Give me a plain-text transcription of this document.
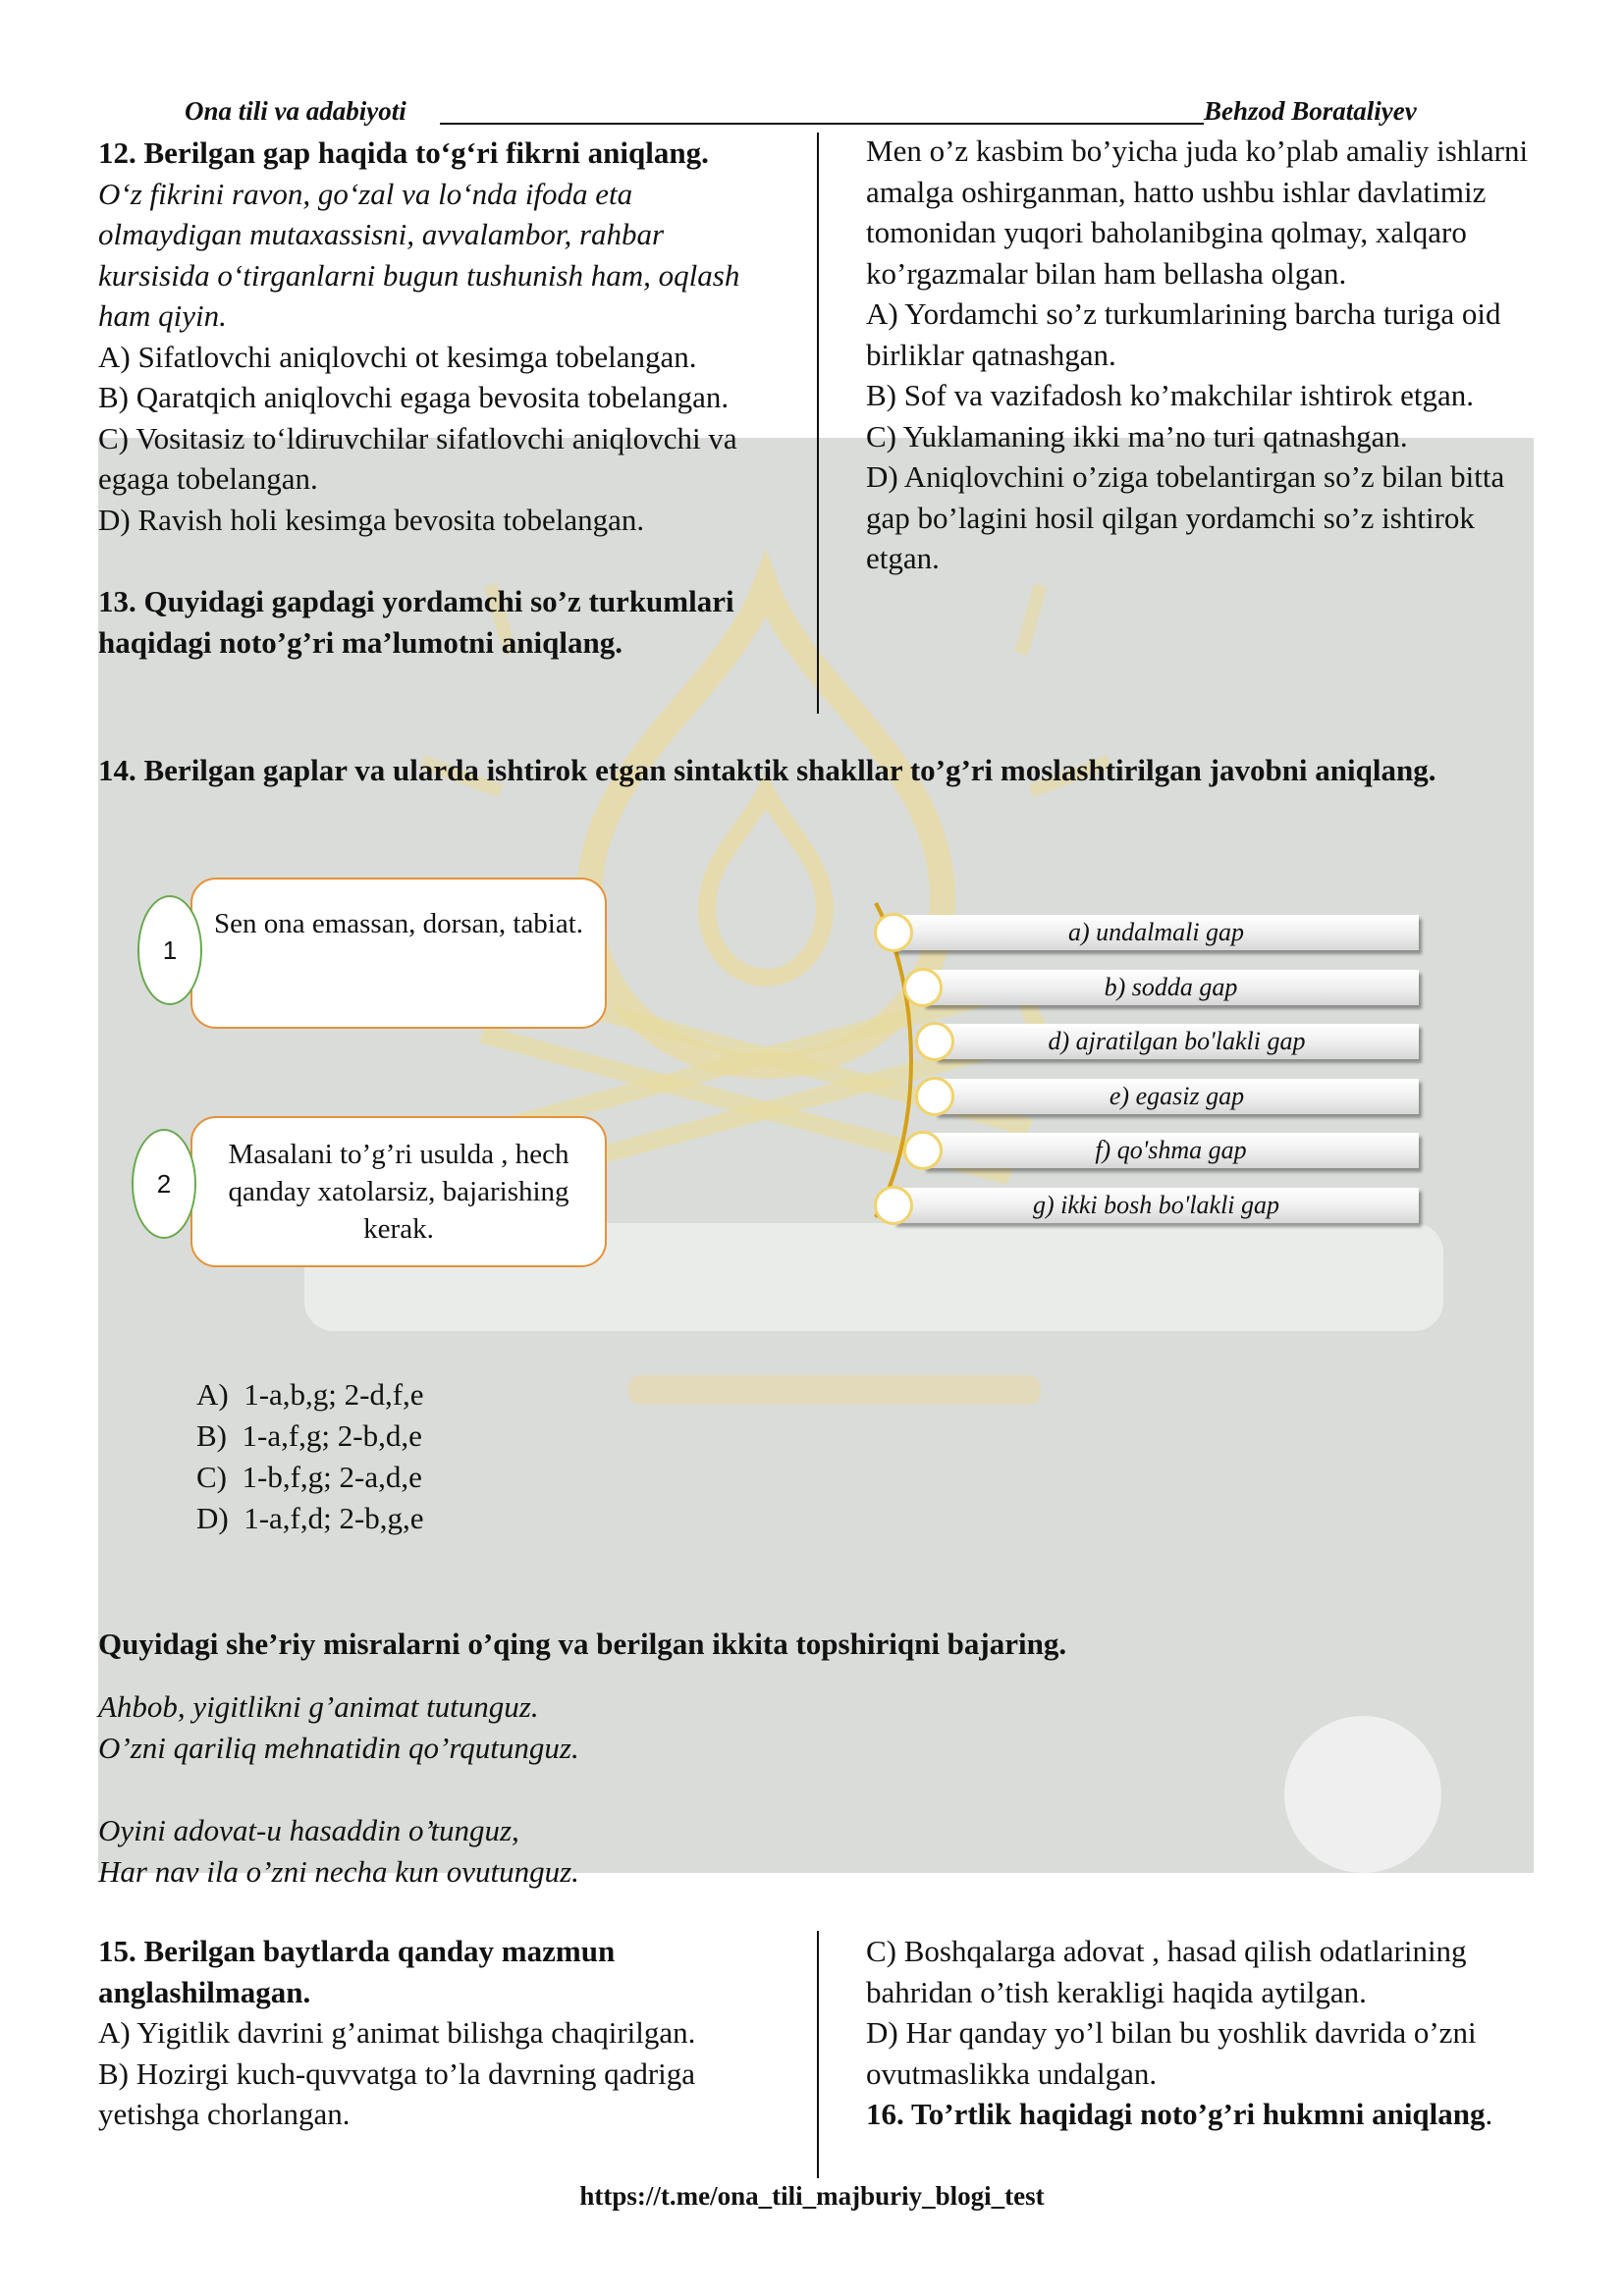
Ona tili va adabiyoti	Behzod Borataliyev

12. Berilgan gap haqida to‘g‘ri fikrni aniqlang.

O‘z fikrini ravon, go‘zal va lo‘nda ifoda eta olmaydigan mutaxassisni, avvalambor, rahbar kursisida o‘tirganlarni bugun tushunish ham, oqlash ham qiyin.

A) Sifatlovchi aniqlovchi ot kesimga tobelangan.

B) Qaratqich aniqlovchi egaga bevosita tobelangan.

C) Vositasiz to‘ldiruvchilar sifatlovchi aniqlovchi va egaga tobelangan.

D) Ravish holi kesimga bevosita tobelangan.

13. Quyidagi gapdagi yordamchi so’z turkumlari haqidagi noto’g’ri ma’lumotni aniqlang.

Men o’z kasbim bo’yicha juda ko’plab amaliy ishlarni amalga oshirganman, hatto ushbu ishlar davlatimiz tomonidan yuqori baholanibgina qolmay, xalqaro ko’rgazmalar bilan ham bellasha olgan.

A) Yordamchi so’z turkumlarining barcha turiga oid birliklar qatnashgan.

B) Sof va vazifadosh ko’makchilar ishtirok etgan.

C) Yuklamaning ikki ma’no turi qatnashgan.

D) Aniqlovchini o’ziga tobelantirgan so’z bilan bitta gap bo’lagini hosil qilgan yordamchi so’z ishtirok etgan.

14. Berilgan gaplar va ularda ishtirok etgan sintaktik shakllar to’g’ri moslashtirilgan javobni aniqlang.
Sen ona emassan, dorsan, tabiat.
1
Masalani to’g’ri usulda , hech qanday xatolarsiz, bajarishing kerak.
2
a) undalmali gap
b) sodda gap
d) ajratilgan bo'lakli gap
e) egasiz gap
f) qo'shma gap
g) ikki bosh bo'lakli gap
A) 1-a,b,g; 2-d,f,e
B) 1-a,f,g; 2-b,d,e
C) 1-b,f,g; 2-a,d,e
D) 1-a,f,d; 2-b,g,e
Quyidagi she’riy misralarni o’qing va berilgan ikkita topshiriqni bajaring.
Ahbob, yigitlikni g’animat tutunguz.
O’zni qariliq mehnatidin qo’rqutunguz.
Oyini adovat-u hasaddin o’tunguz,
Har nav ila o’zni necha kun ovutunguz.

15. Berilgan baytlarda qanday mazmun anglashilmagan.

A) Yigitlik davrini g’animat bilishga chaqirilgan.

B) Hozirgi kuch-quvvatga to’la davrning qadriga yetishga chorlangan.

C) Boshqalarga adovat , hasad qilish odatlarining bahridan o’tish kerakligi haqida aytilgan.

D) Har qanday yo’l bilan bu yoshlik davrida o’zni ovutmaslikka undalgan.

16. To’rtlik haqidagi noto’g’ri hukmni aniqlang.

https://t.me/ona_tili_majburiy_blogi_test
